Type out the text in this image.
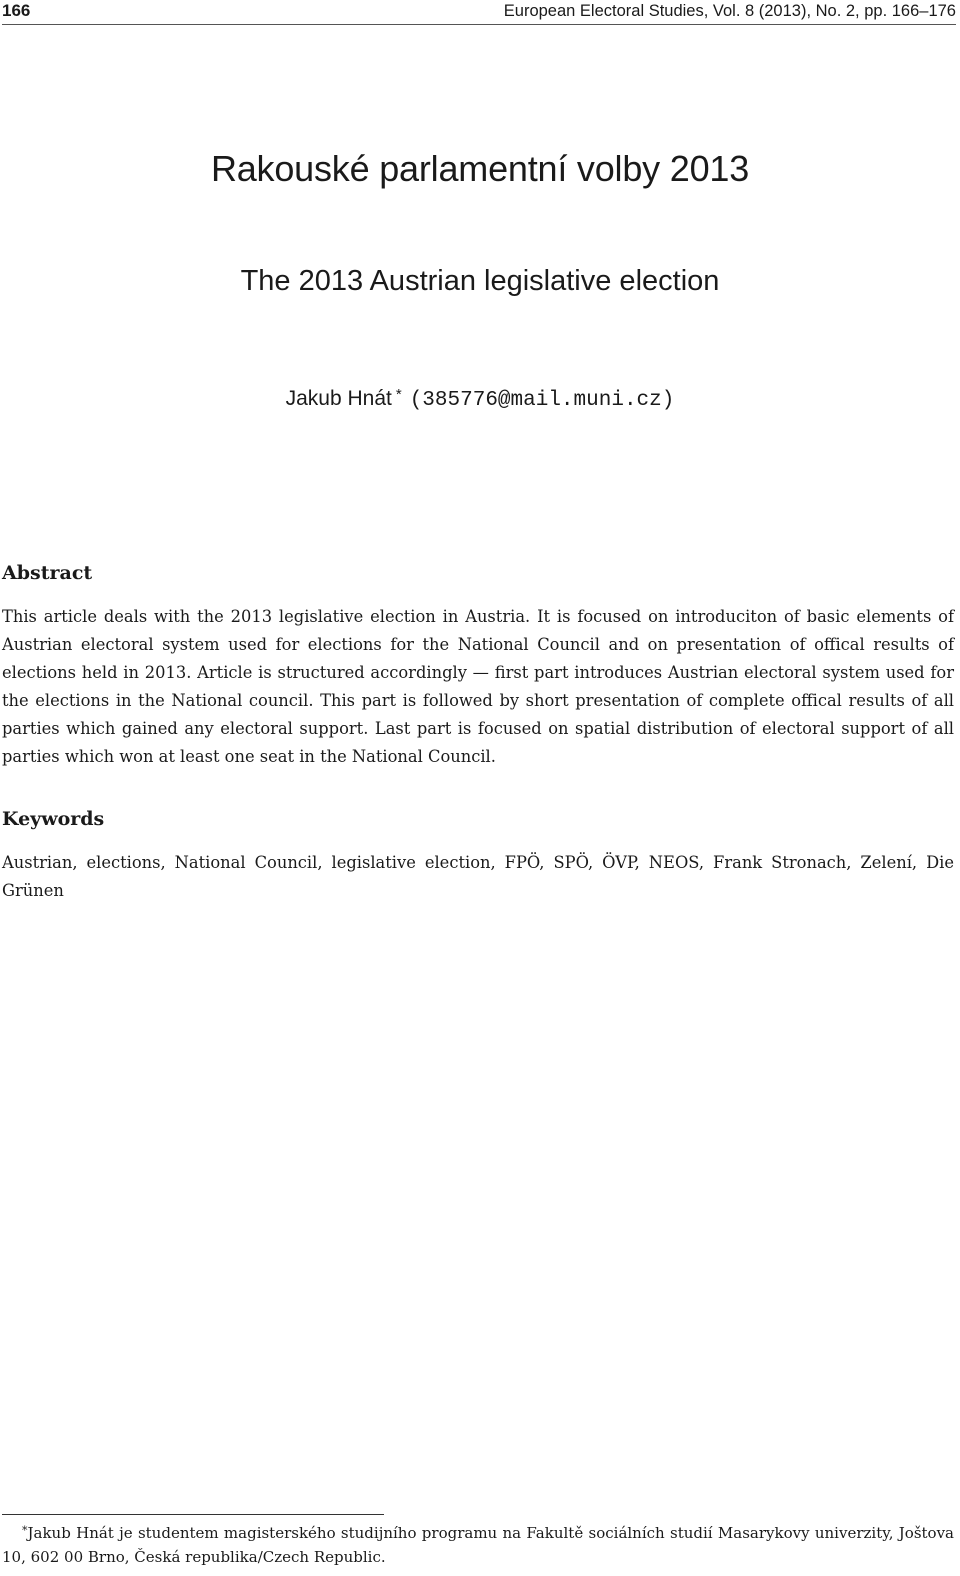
166	European Electoral Studies, Vol. 8 (2013), No. 2, pp. 166–176
Rakouské parlamentní volby 2013
The 2013 Austrian legislative election
Jakub Hnát * (385776@mail.muni.cz)
Abstract

This article deals with the 2013 legislative election in Austria. It is focused on introduciton of basic elements of Austrian electoral system used for elections for the National Council and on presentation of offical results of elections held in 2013. Article is structured accordingly — first part introduces Austrian electoral system used for the elections in the National council. This part is followed by short presentation of complete offical results of all parties which gained any electoral support. Last part is focused on spatial distribution of electoral support of all parties which won at least one seat in the National Council.

Keywords

Austrian, elections, National Council, legislative election, FPÖ, SPÖ, ÖVP, NEOS, Frank Stronach, Zelení, Die Grünen

*Jakub Hnát je studentem magisterského studijního programu na Fakultě sociálních studií Masarykovy univerzity, Joštova 10, 602 00 Brno, Česká republika/Czech Republic.
